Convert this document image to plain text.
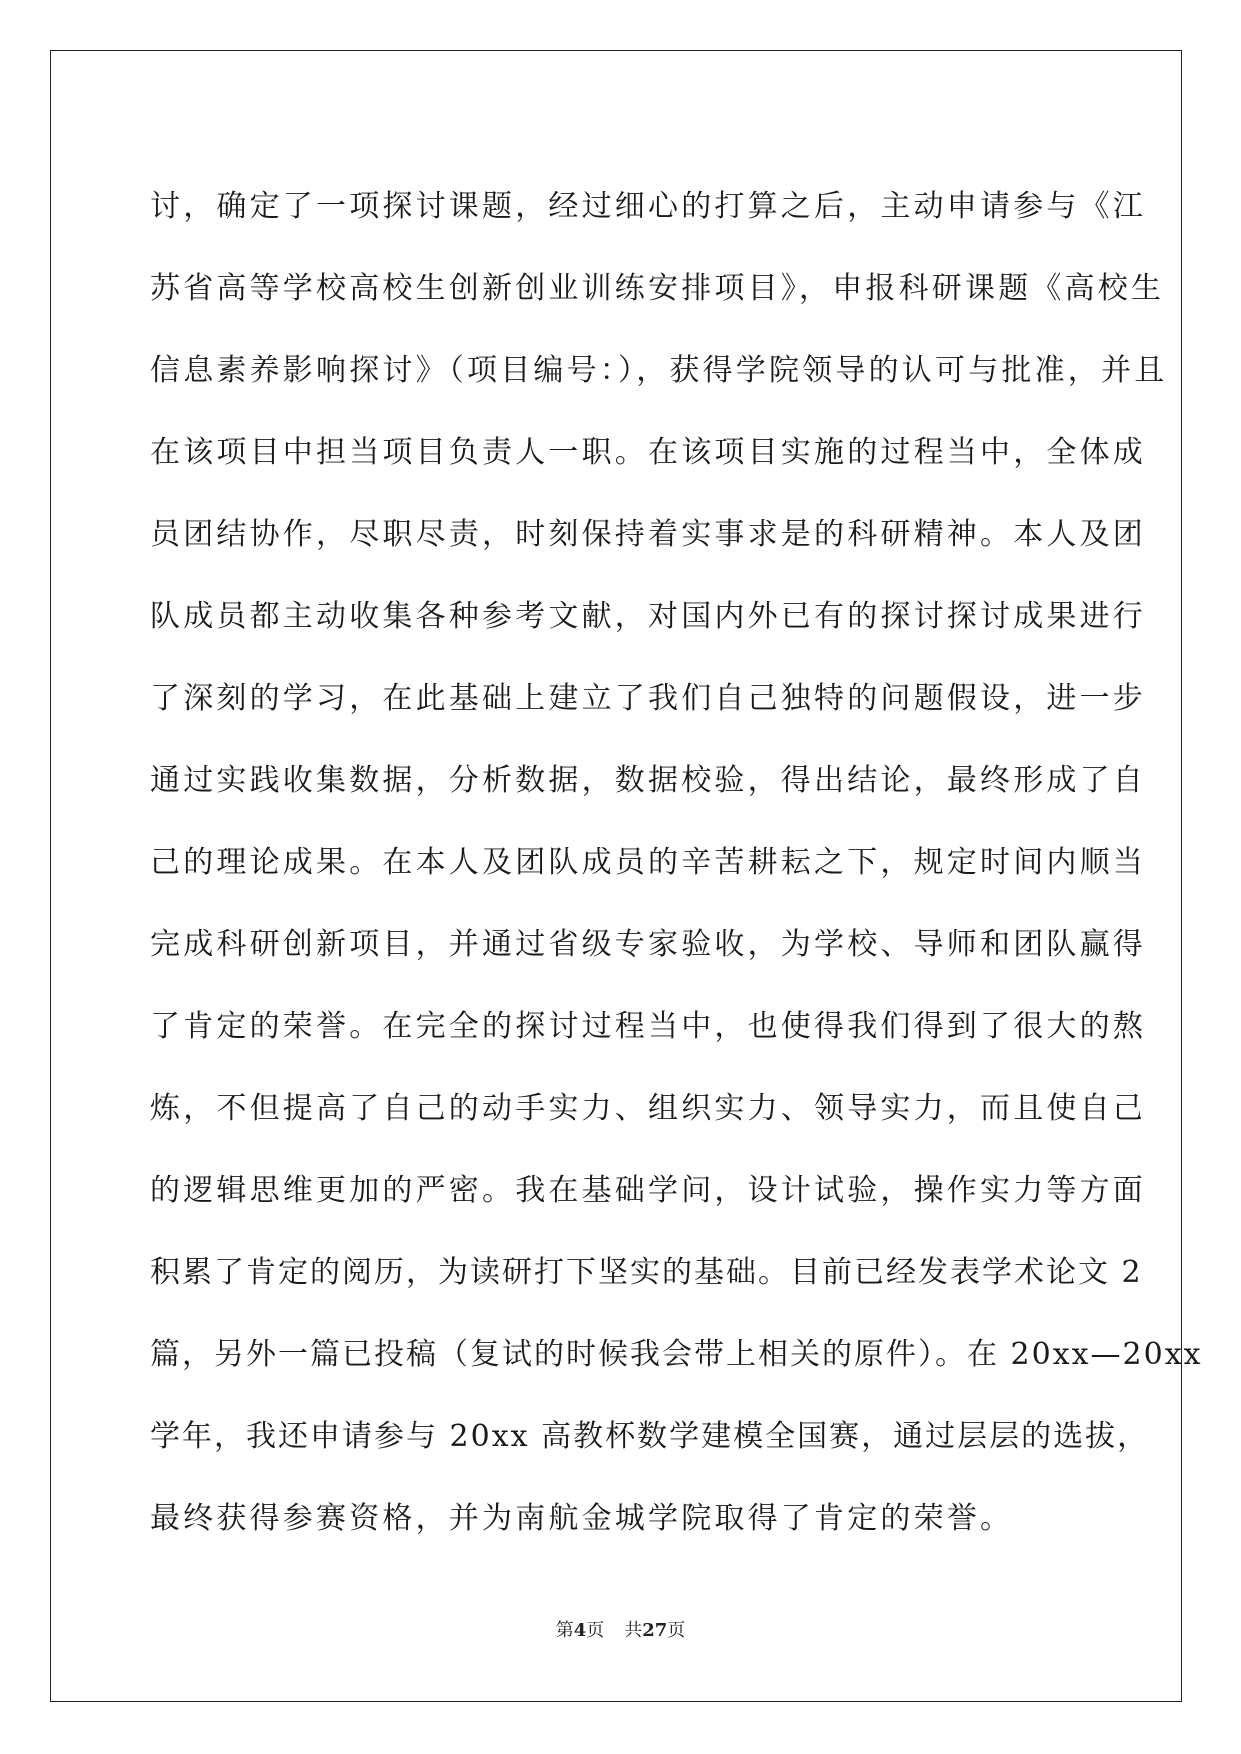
讨，确定了一项探讨课题，经过细心的打算之后，主动申请参与《江
苏省高等学校高校生创新创业训练安排项目》，申报科研课题《高校生
信息素养影响探讨》（项目编号：），获得学院领导的认可与批准，并且
在该项目中担当项目负责人一职。在该项目实施的过程当中，全体成
员团结协作，尽职尽责，时刻保持着实事求是的科研精神。本人及团
队成员都主动收集各种参考文献，对国内外已有的探讨探讨成果进行
了深刻的学习，在此基础上建立了我们自己独特的问题假设，进一步
通过实践收集数据，分析数据，数据校验，得出结论，最终形成了自
己的理论成果。在本人及团队成员的辛苦耕耘之下，规定时间内顺当
完成科研创新项目，并通过省级专家验收，为学校、导师和团队赢得
了肯定的荣誉。在完全的探讨过程当中，也使得我们得到了很大的熬
炼，不但提高了自己的动手实力、组织实力、领导实力，而且使自己
的逻辑思维更加的严密。我在基础学问，设计试验，操作实力等方面
积累了肯定的阅历，为读研打下坚实的基础。目前已经发表学术论文 2
篇，另外一篇已投稿（复试的时候我会带上相关的原件）。在 20xx—20xx
学年，我还申请参与 20xx 高教杯数学建模全国赛，通过层层的选拔，
最终获得参赛资格，并为南航金城学院取得了肯定的荣誉。
第4页 共27页
